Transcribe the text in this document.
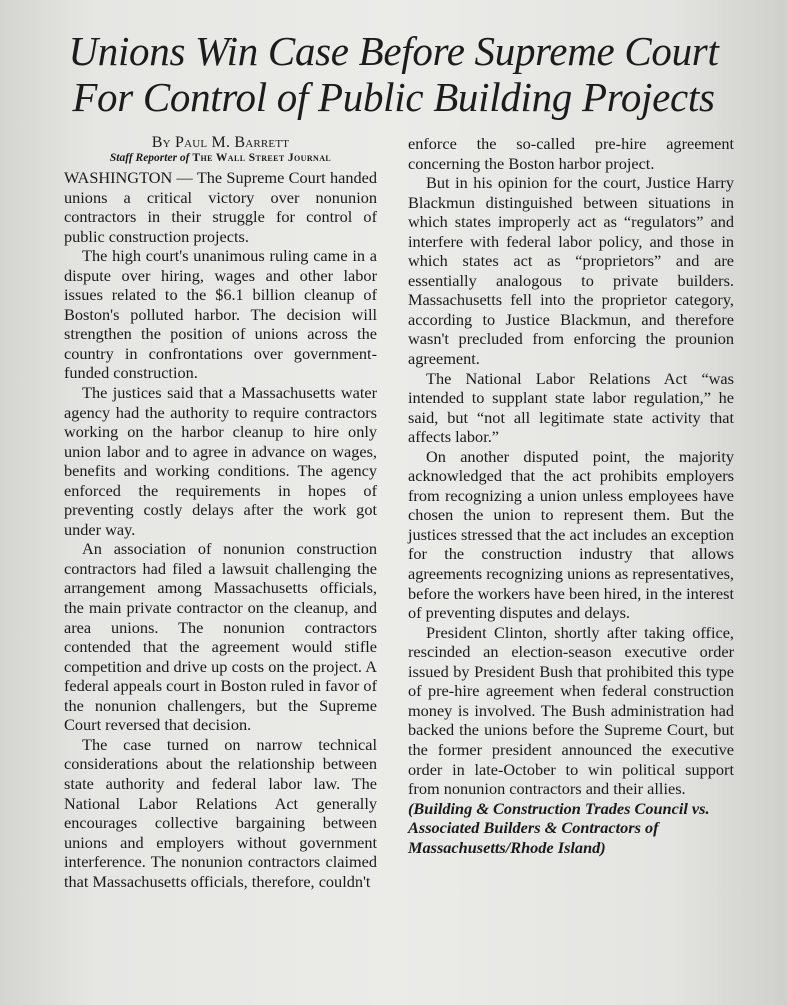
Unions Win Case Before Supreme Court
For Control of Public Building Projects
By Paul M. Barrett
Staff Reporter of The Wall Street Journal

WASHINGTON — The Supreme Court handed unions a critical victory over nonunion contractors in their struggle for control of public construction projects.

The high court's unanimous ruling came in a dispute over hiring, wages and other labor issues related to the $6.1 billion cleanup of Boston's polluted harbor. The decision will strengthen the position of unions across the country in confrontations over government-funded construction.

The justices said that a Massachusetts water agency had the authority to require contractors working on the harbor cleanup to hire only union labor and to agree in advance on wages, benefits and working conditions. The agency enforced the requirements in hopes of preventing costly delays after the work got under way.

An association of nonunion construction contractors had filed a lawsuit challenging the arrangement among Massachusetts officials, the main private contractor on the cleanup, and area unions. The nonunion contractors contended that the agreement would stifle competition and drive up costs on the project. A federal appeals court in Boston ruled in favor of the nonunion challengers, but the Supreme Court reversed that decision.

The case turned on narrow technical considerations about the relationship between state authority and federal labor law. The National Labor Relations Act generally encourages collective bargaining between unions and employers without government interference. The nonunion contractors claimed that Massachusetts officials, therefore, couldn't

enforce the so-called pre-hire agreement concerning the Boston harbor project.

But in his opinion for the court, Justice Harry Blackmun distinguished between situations in which states improperly act as “regulators” and interfere with federal labor policy, and those in which states act as “proprietors” and are essentially analogous to private builders. Massachusetts fell into the proprietor category, according to Justice Blackmun, and therefore wasn't precluded from enforcing the prounion agreement.

The National Labor Relations Act “was intended to supplant state labor regulation,” he said, but “not all legitimate state activity that affects labor.”

On another disputed point, the majority acknowledged that the act prohibits employers from recognizing a union unless employees have chosen the union to represent them. But the justices stressed that the act includes an exception for the construction industry that allows agreements recognizing unions as representatives, before the workers have been hired, in the interest of preventing disputes and delays.

President Clinton, shortly after taking office, rescinded an election-season executive order issued by President Bush that prohibited this type of pre-hire agreement when federal construction money is involved. The Bush administration had backed the unions before the Supreme Court, but the former president announced the executive order in late-October to win political support from nonunion contractors and their allies.

(Building & Construction Trades Council vs. Associated Builders & Contractors of Massachusetts/Rhode Island)
